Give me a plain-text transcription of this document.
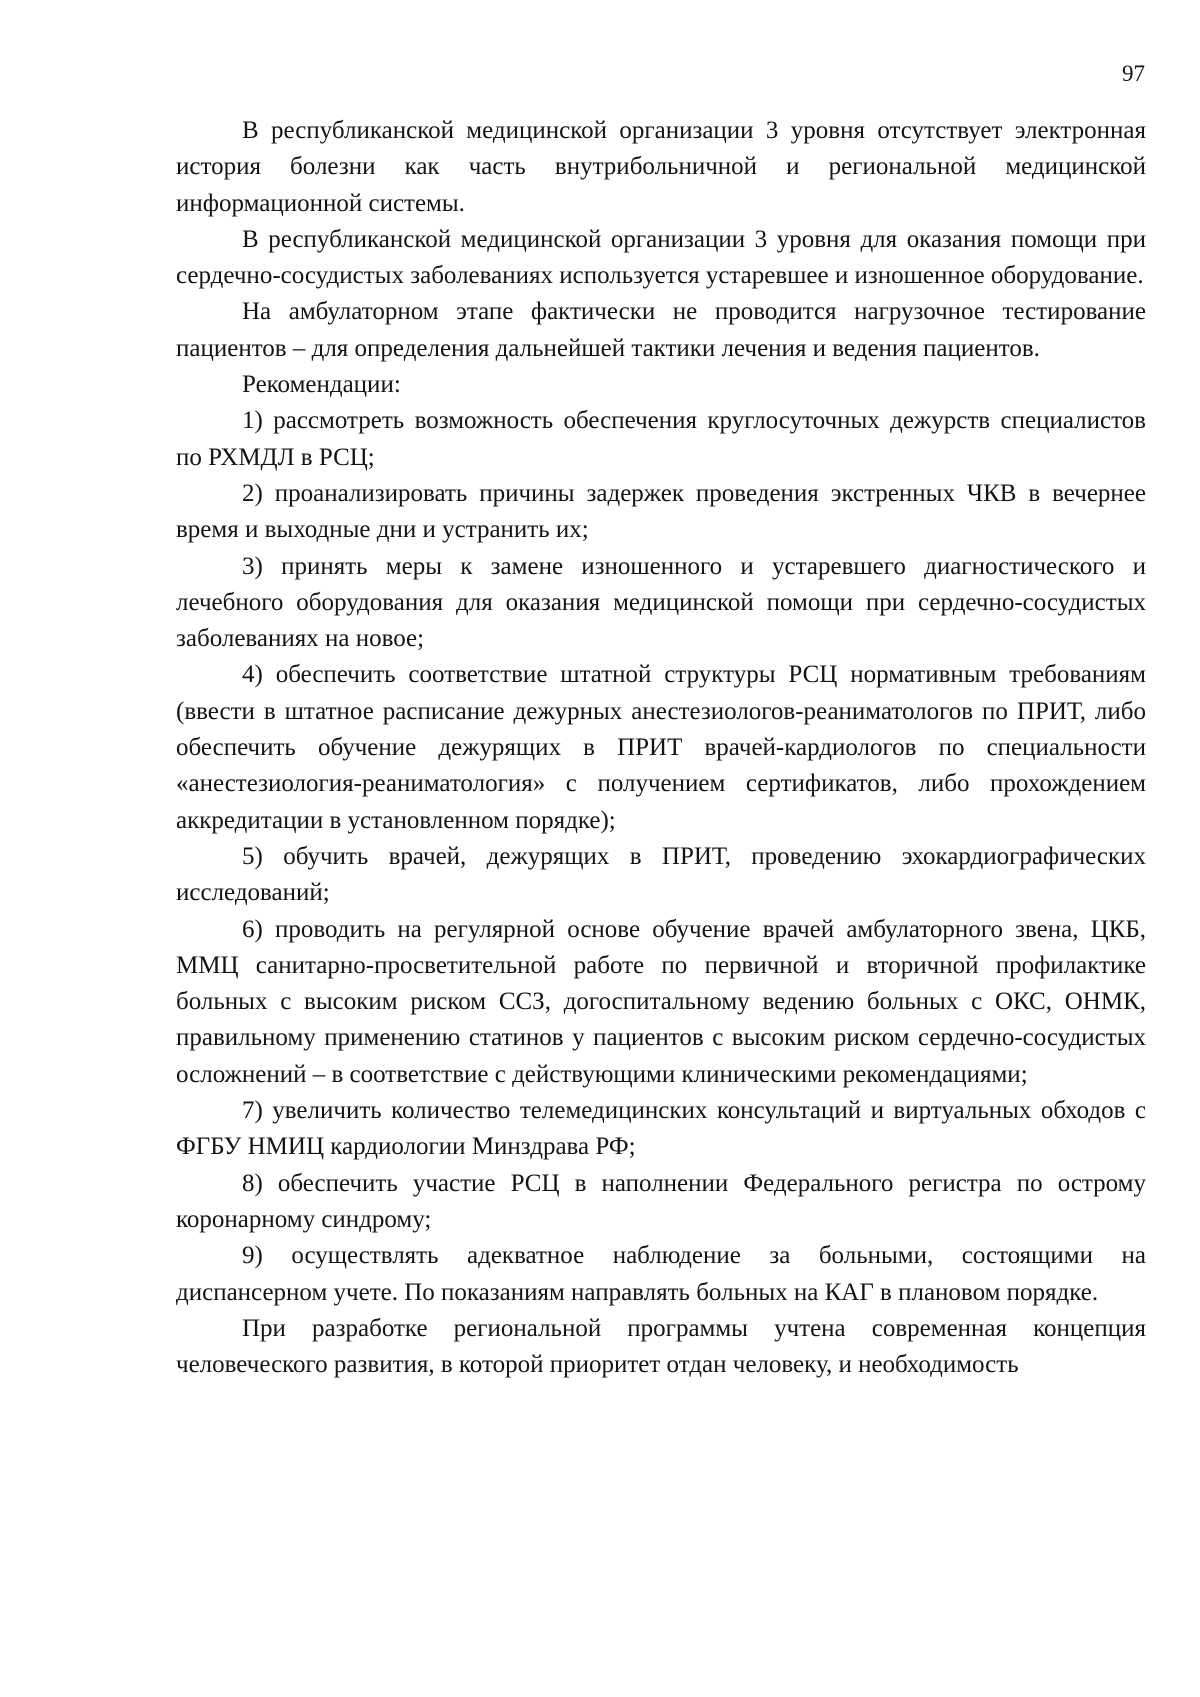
97

В республиканской медицинской организации 3 уровня отсутствует электронная история болезни как часть внутрибольничной и региональной медицинской информационной системы.

В республиканской медицинской организации 3 уровня для оказания помощи при сердечно-сосудистых заболеваниях используется устаревшее и изношенное оборудование.

На амбулаторном этапе фактически не проводится нагрузочное тестирование пациентов – для определения дальнейшей тактики лечения и ведения пациентов.

Рекомендации:

1) рассмотреть возможность обеспечения круглосуточных дежурств специалистов по РХМДЛ в РСЦ;

2) проанализировать причины задержек проведения экстренных ЧКВ в вечернее время и выходные дни и устранить их;

3) принять меры к замене изношенного и устаревшего диагностического и лечебного оборудования для оказания медицинской помощи при сердечно-сосудистых заболеваниях на новое;

4) обеспечить соответствие штатной структуры РСЦ нормативным требованиям (ввести в штатное расписание дежурных анестезиологов-реаниматологов по ПРИТ, либо обеспечить обучение дежурящих в ПРИТ врачей-кардиологов по специальности «анестезиология-реаниматология» с получением сертификатов, либо прохождением аккредитации в установленном порядке);

5) обучить врачей, дежурящих в ПРИТ, проведению эхокардиографических исследований;

6) проводить на регулярной основе обучение врачей амбулаторного звена, ЦКБ, ММЦ санитарно-просветительной работе по первичной и вторичной профилактике больных с высоким риском ССЗ, догоспитальному ведению больных с ОКС, ОНМК, правильному применению статинов у пациентов с высоким риском сердечно-сосудистых осложнений – в соответствие с действующими клиническими рекомендациями;

7) увеличить количество телемедицинских консультаций и виртуальных обходов с ФГБУ НМИЦ кардиологии Минздрава РФ;

8) обеспечить участие РСЦ в наполнении Федерального регистра по острому коронарному синдрому;

9) осуществлять адекватное наблюдение за больными, состоящими на диспансерном учете. По показаниям направлять больных на КАГ в плановом порядке.

При разработке региональной программы учтена современная концепция человеческого развития, в которой приоритет отдан человеку, и необходимость
